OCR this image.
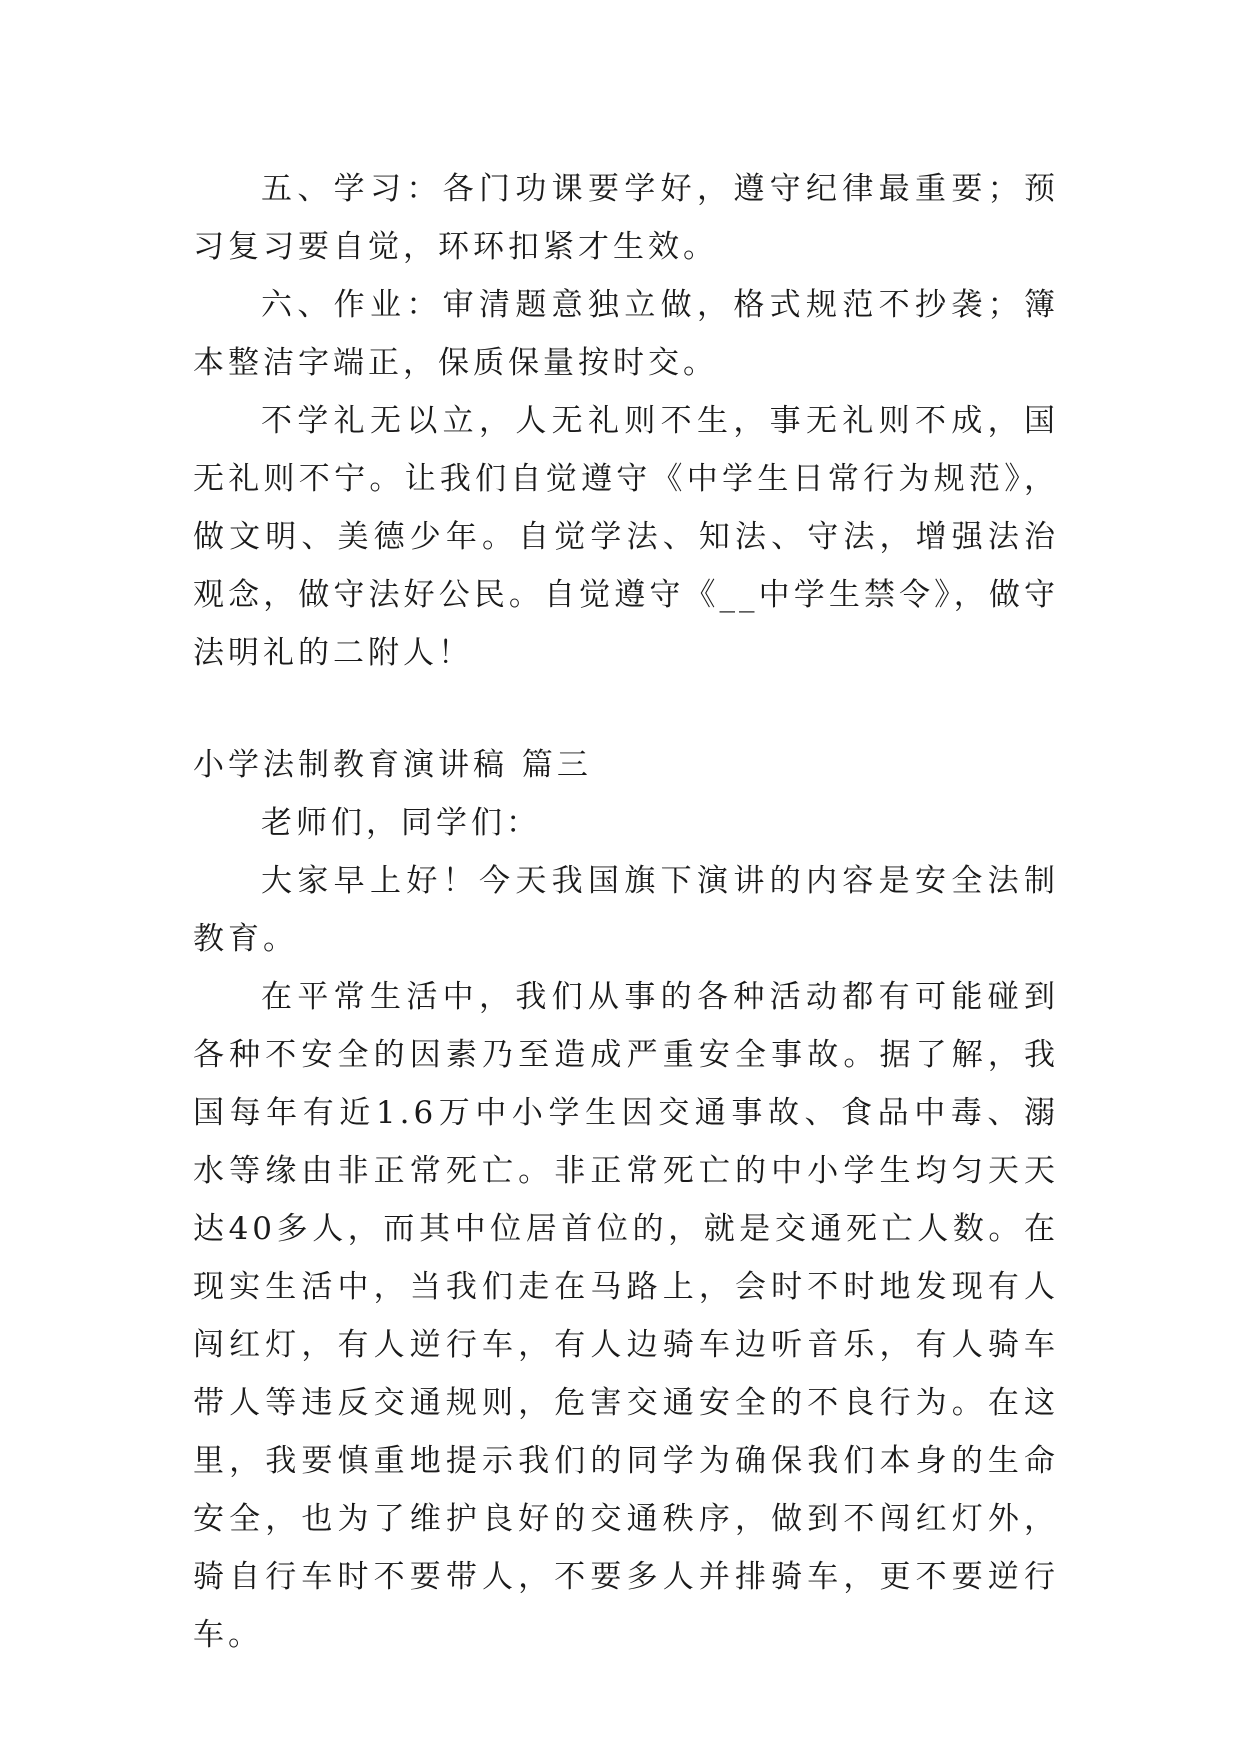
五、学习：各门功课要学好，遵守纪律最重要；预习复习要自觉，环环扣紧才生效。

六、作业：审清题意独立做，格式规范不抄袭；簿本整洁字端正，保质保量按时交。

不学礼无以立，人无礼则不生，事无礼则不成，国无礼则不宁。让我们自觉遵守《中学生日常行为规范》，做文明、美德少年。自觉学法、知法、守法，增强法治观念，做守法好公民。自觉遵守《__中学生禁令》，做守法明礼的二附人！

小学法制教育演讲稿 篇三

老师们，同学们：

大家早上好！今天我国旗下演讲的内容是安全法制教育。

在平常生活中，我们从事的各种活动都有可能碰到各种不安全的因素乃至造成严重安全事故。据了解，我国每年有近1.6万中小学生因交通事故、食品中毒、溺水等缘由非正常死亡。非正常死亡的中小学生均匀天天达40多人，而其中位居首位的，就是交通死亡人数。在现实生活中，当我们走在马路上，会时不时地发现有人闯红灯，有人逆行车，有人边骑车边听音乐，有人骑车带人等违反交通规则，危害交通安全的不良行为。在这里，我要慎重地提示我们的同学为确保我们本身的生命安全，也为了维护良好的交通秩序，做到不闯红灯外，骑自行车时不要带人，不要多人并排骑车，更不要逆行车。
